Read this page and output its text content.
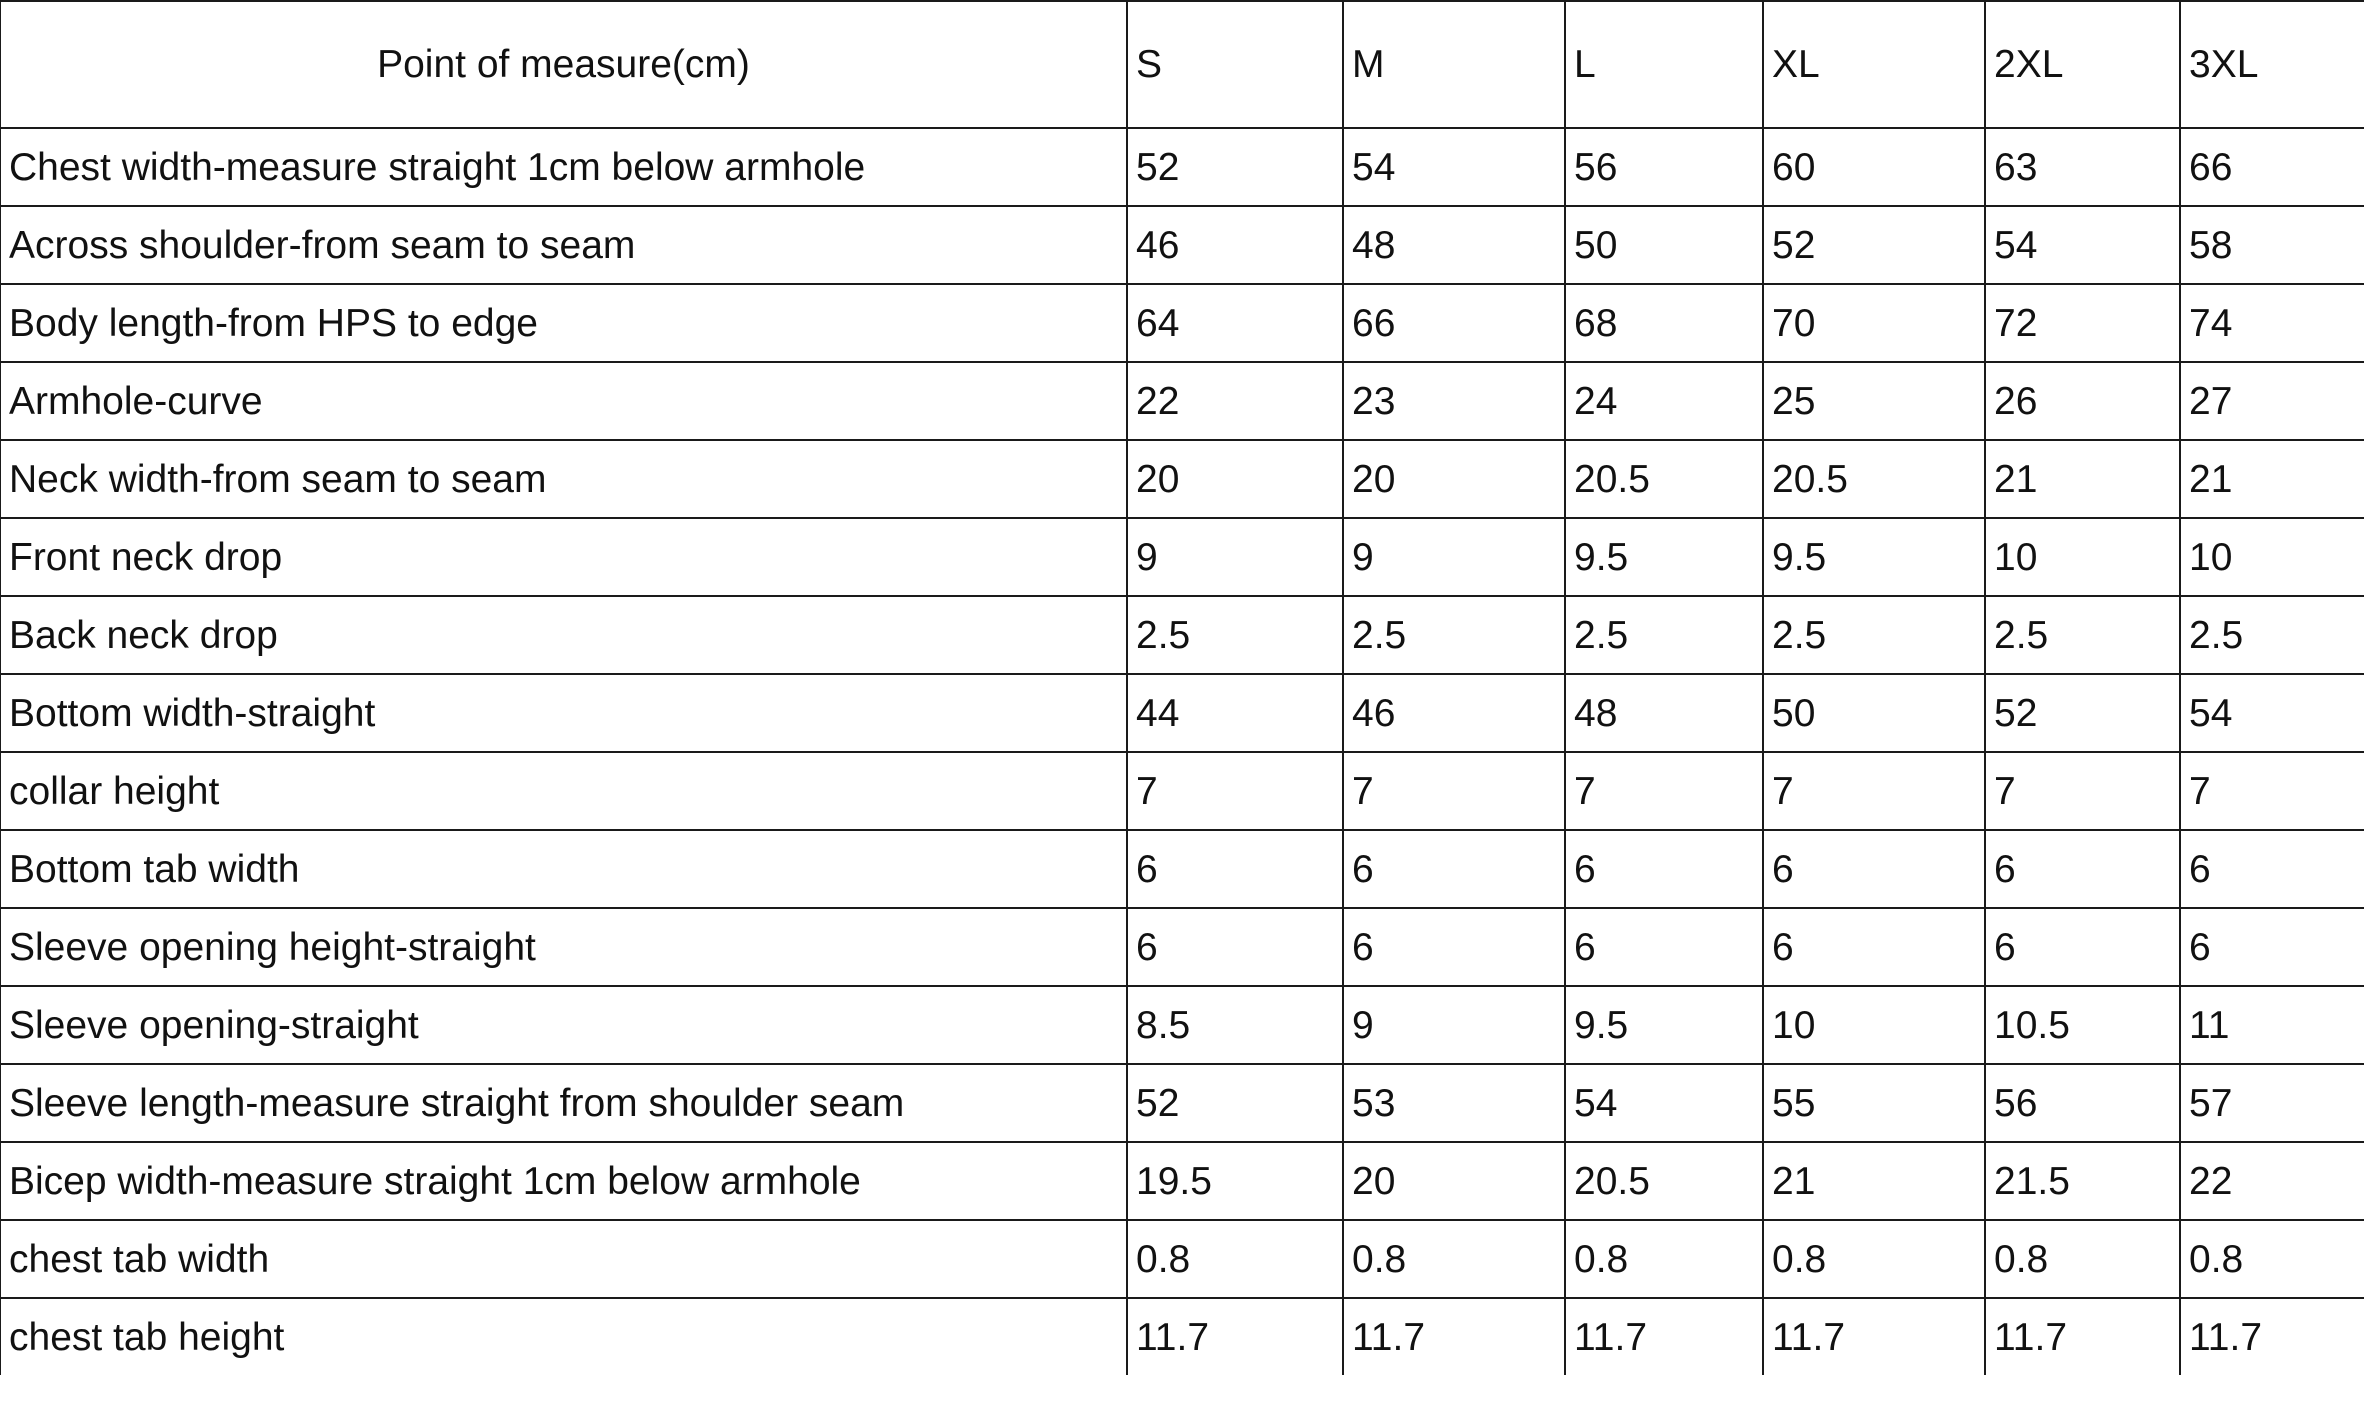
Point of measure(cm)	S	M	L	XL	2XL	3XL
Chest width-measure straight 1cm below armhole	52	54	56	60	63	66
Across shoulder-from seam to seam	46	48	50	52	54	58
Body length-from HPS to edge	64	66	68	70	72	74
Armhole-curve	22	23	24	25	26	27
Neck width-from seam to seam	20	20	20.5	20.5	21	21
Front neck drop	9	9	9.5	9.5	10	10
Back neck drop	2.5	2.5	2.5	2.5	2.5	2.5
Bottom width-straight	44	46	48	50	52	54
collar height	7	7	7	7	7	7
Bottom tab width	6	6	6	6	6	6
Sleeve opening height-straight	6	6	6	6	6	6
Sleeve opening-straight	8.5	9	9.5	10	10.5	11
Sleeve length-measure straight from shoulder seam	52	53	54	55	56	57
Bicep width-measure straight 1cm below armhole	19.5	20	20.5	21	21.5	22
chest tab width	0.8	0.8	0.8	0.8	0.8	0.8
chest tab height	11.7	11.7	11.7	11.7	11.7	11.7
